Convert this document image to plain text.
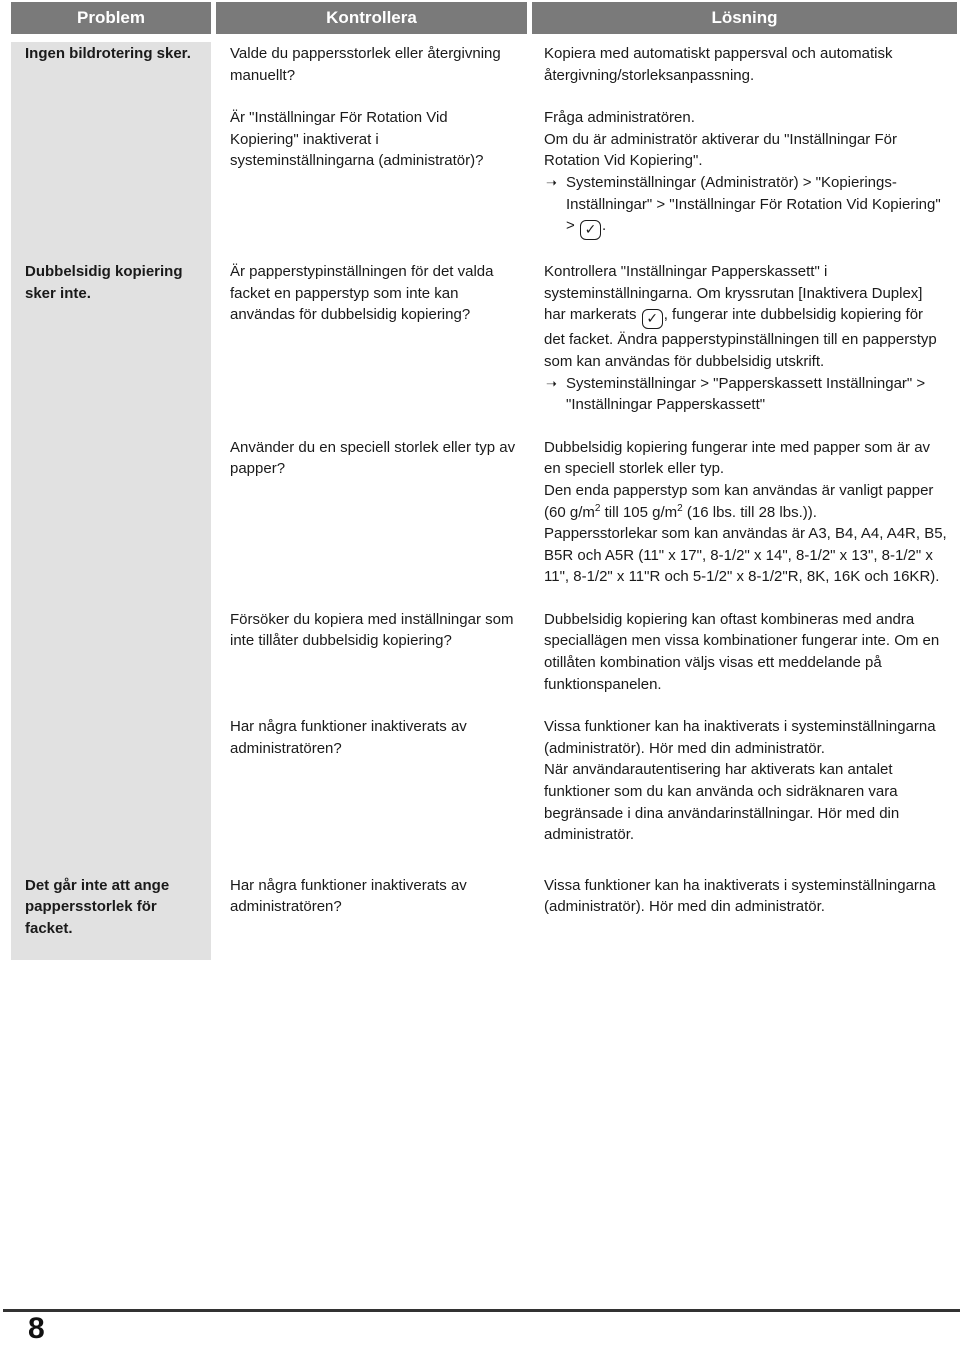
Problem	Kontrollera	Lösning

Ingen bildrotering sker.	Valde du pappersstorlek eller återgivning manuellt?	Kopiera med automatiskt pappersval och automatisk återgivning/storleksanpassning.

	Är "Inställningar För Rotation Vid Kopiering" inaktiverat i systeminställningarna (administratör)?	Fråga administratören.
Om du är administratör aktiverar du "Inställningar För Rotation Vid Kopiering".
➝ Systeminställningar (Administratör) > "Kopierings-Inställningar" > "Inställningar För Rotation Vid Kopiering" > ✓ .

Dubbelsidig kopiering sker inte.	Är papperstypinställningen för det valda facket en papperstyp som inte kan användas för dubbelsidig kopiering?	Kontrollera "Inställningar Papperskassett" i systeminställningarna. Om kryssrutan [Inaktivera Duplex] har markerats ✓ , fungerar inte dubbelsidig kopiering för det facket. Ändra papperstypinställningen till en papperstyp som kan användas för dubbelsidig utskrift.
➝ Systeminställningar > "Papperskassett Inställningar" > "Inställningar Papperskassett"

	Använder du en speciell storlek eller typ av papper?	Dubbelsidig kopiering fungerar inte med papper som är av en speciell storlek eller typ.
Den enda papperstyp som kan användas är vanligt papper (60 $g/m^2$ till 105 $g/m^2$ (16 lbs. till 28 lbs.)).
Pappersstorlekar som kan användas är A3, B4, A4, A4R, B5, B5R och A5R (11" x 17", 8-1/2" x 14", 8-1/2" x 13", 8-1/2" x 11", 8-1/2" x 11"R och 5-1/2" x 8-1/2"R, 8K, 16K och 16KR).

	Försöker du kopiera med inställningar som inte tillåter dubbelsidig kopiering?	Dubbelsidig kopiering kan oftast kombineras med andra speciallägen men vissa kombinationer fungerar inte. Om en otillåten kombination väljs visas ett meddelande på funktionspanelen.

	Har några funktioner inaktiverats av administratören?	Vissa funktioner kan ha inaktiverats i systeminställningarna (administratör). Hör med din administratör.
När användarautentisering har aktiverats kan antalet funktioner som du kan använda och sidräknaren vara begränsade i dina användarinställningar. Hör med din administratör.

Det går inte att ange pappersstorlek för facket.	Har några funktioner inaktiverats av administratören?	Vissa funktioner kan ha inaktiverats i systeminställningarna (administratör). Hör med din administratör.
8
